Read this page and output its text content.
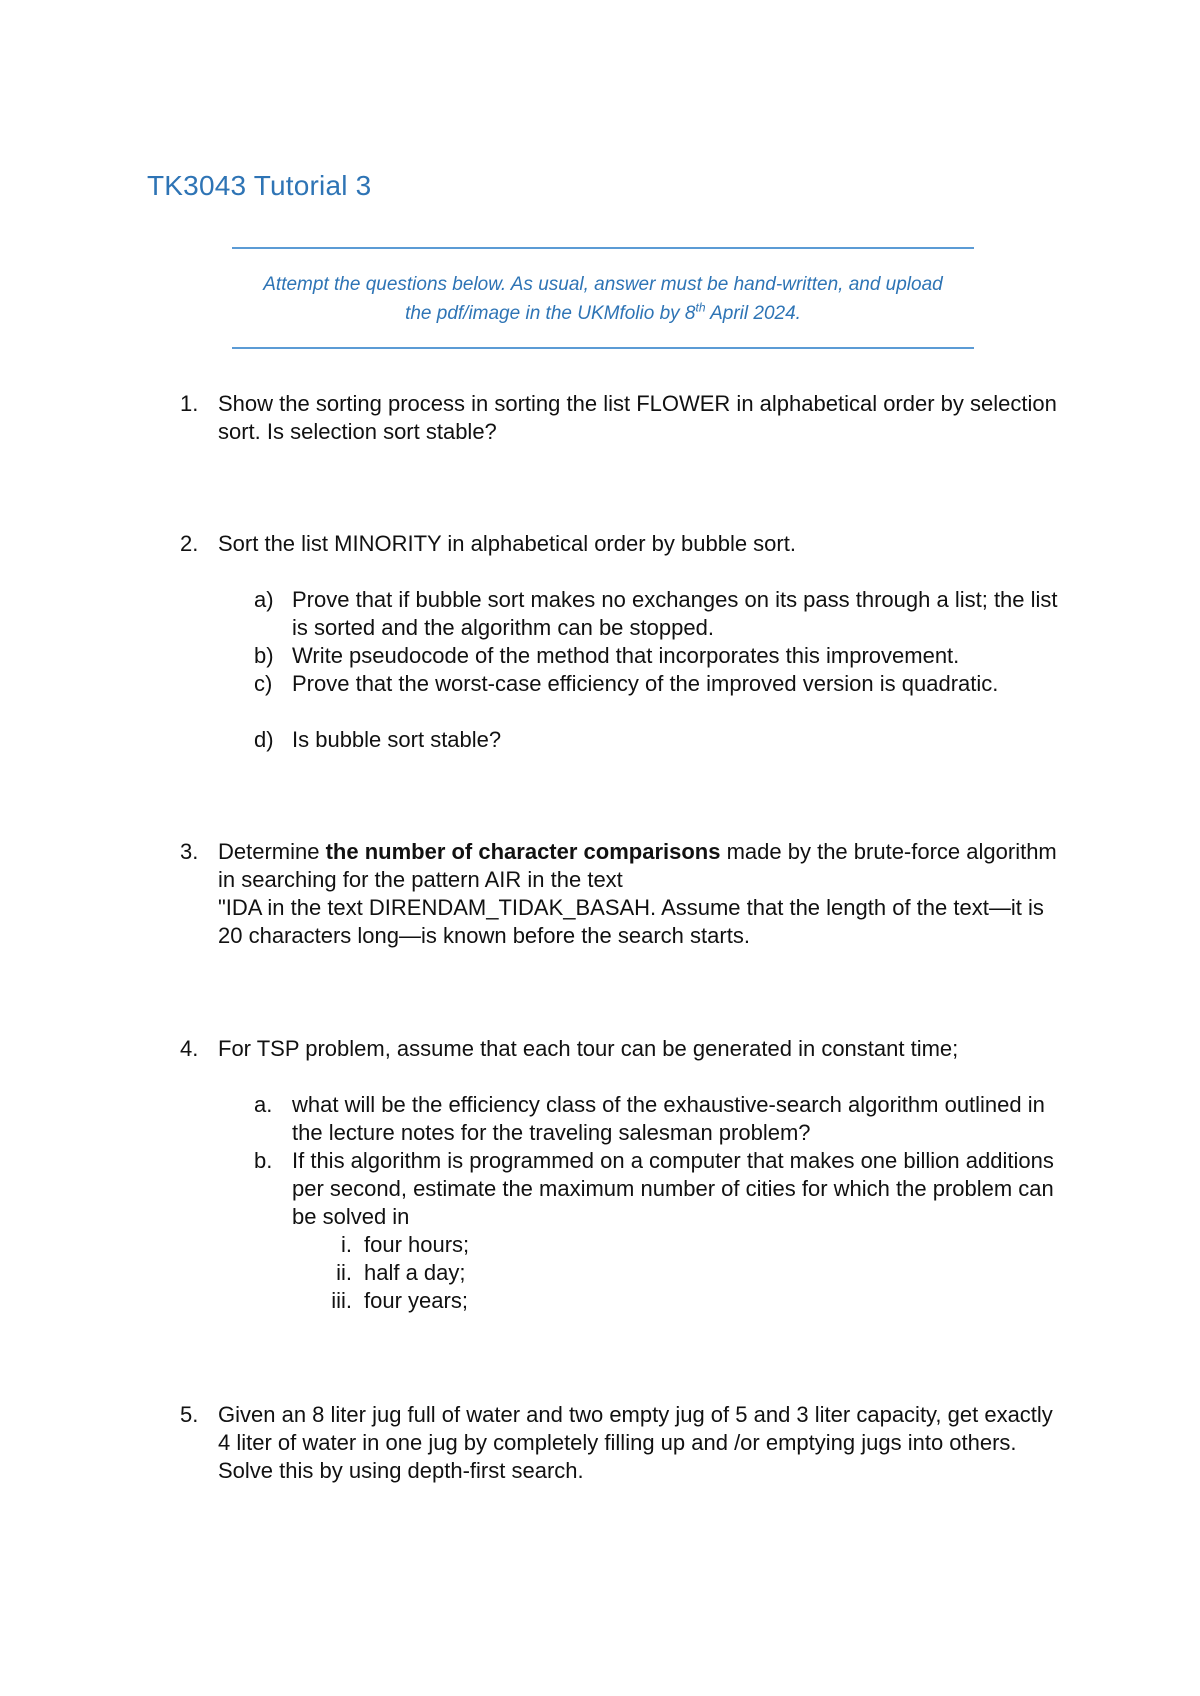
TK3043 Tutorial 3
Attempt the questions below. As usual, answer must be hand-written, and upload
the pdf/image in the UKMfolio by 8th April 2024.
1. Show the sorting process in sorting the list FLOWER in alphabetical order by selection sort. Is selection sort stable?
2. Sort the list MINORITY in alphabetical order by bubble sort.
a) Prove that if bubble sort makes no exchanges on its pass through a list; the list is sorted and the algorithm can be stopped.
b) Write pseudocode of the method that incorporates this improvement.
c) Prove that the worst-case efficiency of the improved version is quadratic.
d) Is bubble sort stable?
3. Determine the number of character comparisons made by the brute-force algorithm in searching for the pattern AIR in the text
"IDA in the text DIRENDAM_TIDAK_BASAH. Assume that the length of the text—it is 20 characters long—is known before the search starts.
4. For TSP problem, assume that each tour can be generated in constant time;
a. what will be the efficiency class of the exhaustive-search algorithm outlined in the lecture notes for the traveling salesman problem?
b. If this algorithm is programmed on a computer that makes one billion additions per second, estimate the maximum number of cities for which the problem can be solved in
i. four hours;
ii. half a day;
iii. four years;
5. Given an 8 liter jug full of water and two empty jug of 5 and 3 liter capacity, get exactly 4 liter of water in one jug by completely filling up and /or emptying jugs into others. Solve this by using depth-first search.
